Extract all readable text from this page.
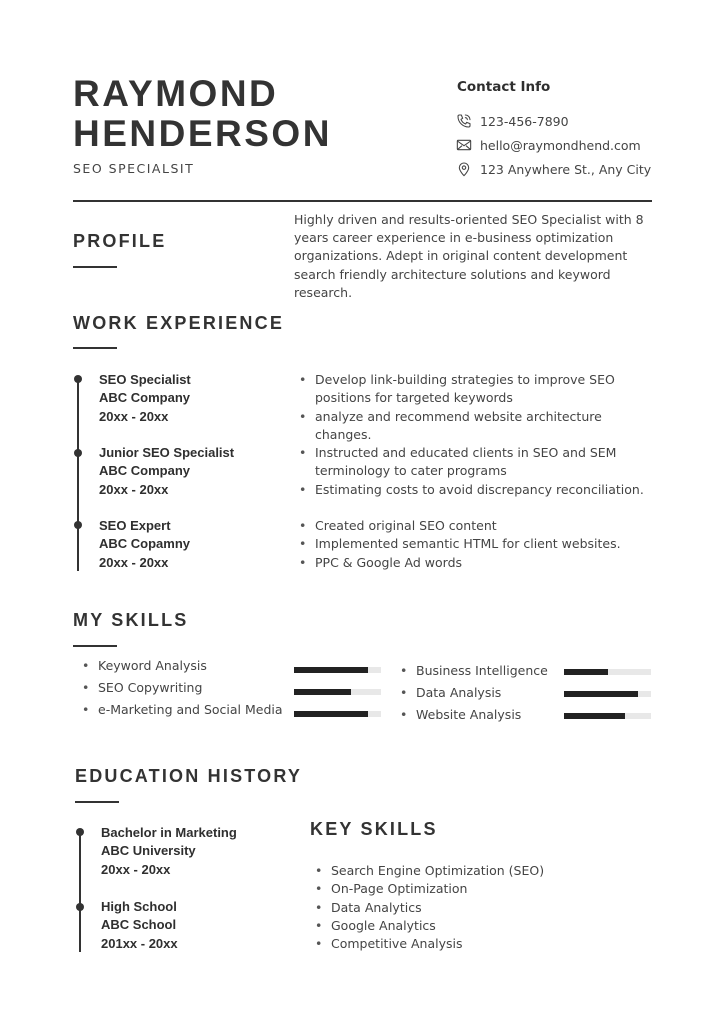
RAYMOND
HENDERSON
SEO SPECIALSIT
Contact Info
123-456-7890
hello@raymondhend.com
123 Anywhere St., Any City
PROFILE
Highly driven and results-oriented SEO Specialist with 8
years career experience in e-business optimization
organizations. Adept in original content development
search friendly architecture solutions and keyword
research.
WORK EXPERIENCE
SEO Specialist
ABC Company
20xx - 20xx
• Develop link-building strategies to improve SEO
positions for targeted keywords
• analyze and recommend website architecture
changes.
Junior SEO Specialist
ABC Company
20xx - 20xx
• Instructed and educated clients in SEO and SEM
terminology to cater programs
• Estimating costs to avoid discrepancy reconciliation.
SEO Expert
ABC Copamny
20xx - 20xx
• Created original SEO content
• Implemented semantic HTML for client websites.
• PPC & Google Ad words
MY SKILLS
• Keyword Analysis
• SEO Copywriting
• e-Marketing and Social Media
• Business Intelligence
• Data Analysis
• Website Analysis
EDUCATION HISTORY
Bachelor in Marketing
ABC University
20xx - 20xx
High School
ABC School
201xx - 20xx
KEY SKILLS
• Search Engine Optimization (SEO)
• On-Page Optimization
• Data Analytics
• Google Analytics
• Competitive Analysis
